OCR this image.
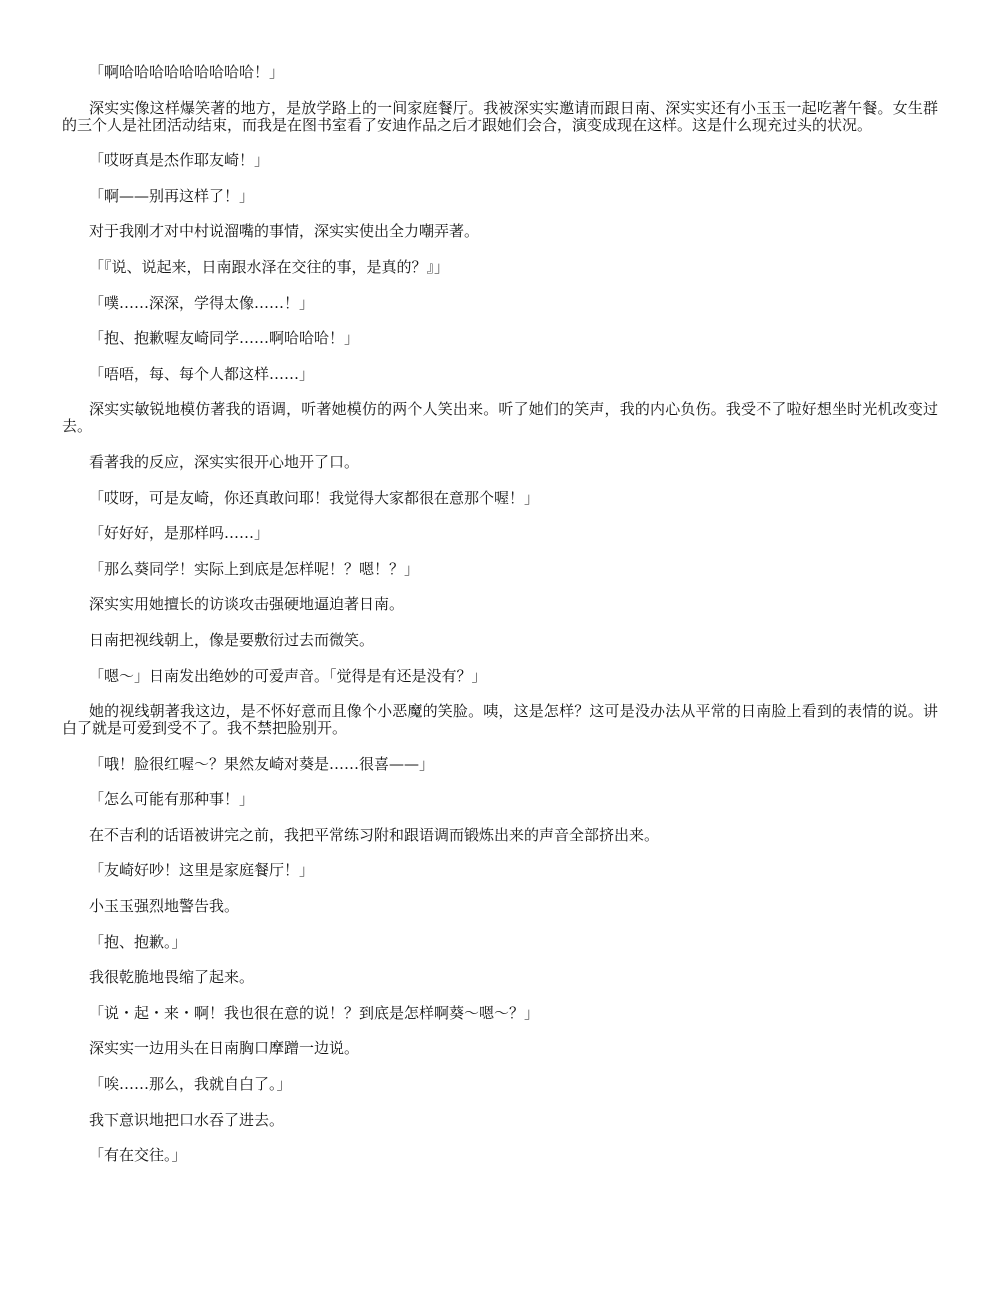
「啊哈哈哈哈哈哈哈哈哈！」

深实实像这样爆笑著的地方，是放学路上的一间家庭餐厅。我被深实实邀请而跟日南、深实实还有小玉玉一起吃著午餐。女生群的三个人是社团活动结束，而我是在图书室看了安迪作品之后才跟她们会合，演变成现在这样。这是什么现充过头的状况。

「哎呀真是杰作耶友崎！」

「啊——别再这样了！」

对于我刚才对中村说溜嘴的事情，深实实使出全力嘲弄著。

「『说、说起来，日南跟水泽在交往的事，是真的？』」

「噗……深深，学得太像……！」

「抱、抱歉喔友崎同学……啊哈哈哈！」

「唔唔，每、每个人都这样……」

深实实敏锐地模仿著我的语调，听著她模仿的两个人笑出来。听了她们的笑声，我的内心负伤。我受不了啦好想坐时光机改变过去。

看著我的反应，深实实很开心地开了口。

「哎呀，可是友崎，你还真敢问耶！我觉得大家都很在意那个喔！」

「好好好，是那样吗……」

「那么葵同学！实际上到底是怎样呢！？嗯！？」

深实实用她擅长的访谈攻击强硬地逼迫著日南。

日南把视线朝上，像是要敷衍过去而微笑。

「嗯～」日南发出绝妙的可爱声音。「觉得是有还是没有？」

她的视线朝著我这边，是不怀好意而且像个小恶魔的笑脸。咦，这是怎样？这可是没办法从平常的日南脸上看到的表情的说。讲白了就是可爱到受不了。我不禁把脸别开。

「哦！脸很红喔～？果然友崎对葵是……很喜——」

「怎么可能有那种事！」

在不吉利的话语被讲完之前，我把平常练习附和跟语调而锻炼出来的声音全部挤出来。

「友崎好吵！这里是家庭餐厅！」

小玉玉强烈地警告我。

「抱、抱歉。」

我很乾脆地畏缩了起来。

「说・起・来・啊！我也很在意的说！？到底是怎样啊葵～嗯～？」

深实实一边用头在日南胸口摩蹭一边说。

「唉……那么，我就自白了。」

我下意识地把口水吞了进去。

「有在交往。」
